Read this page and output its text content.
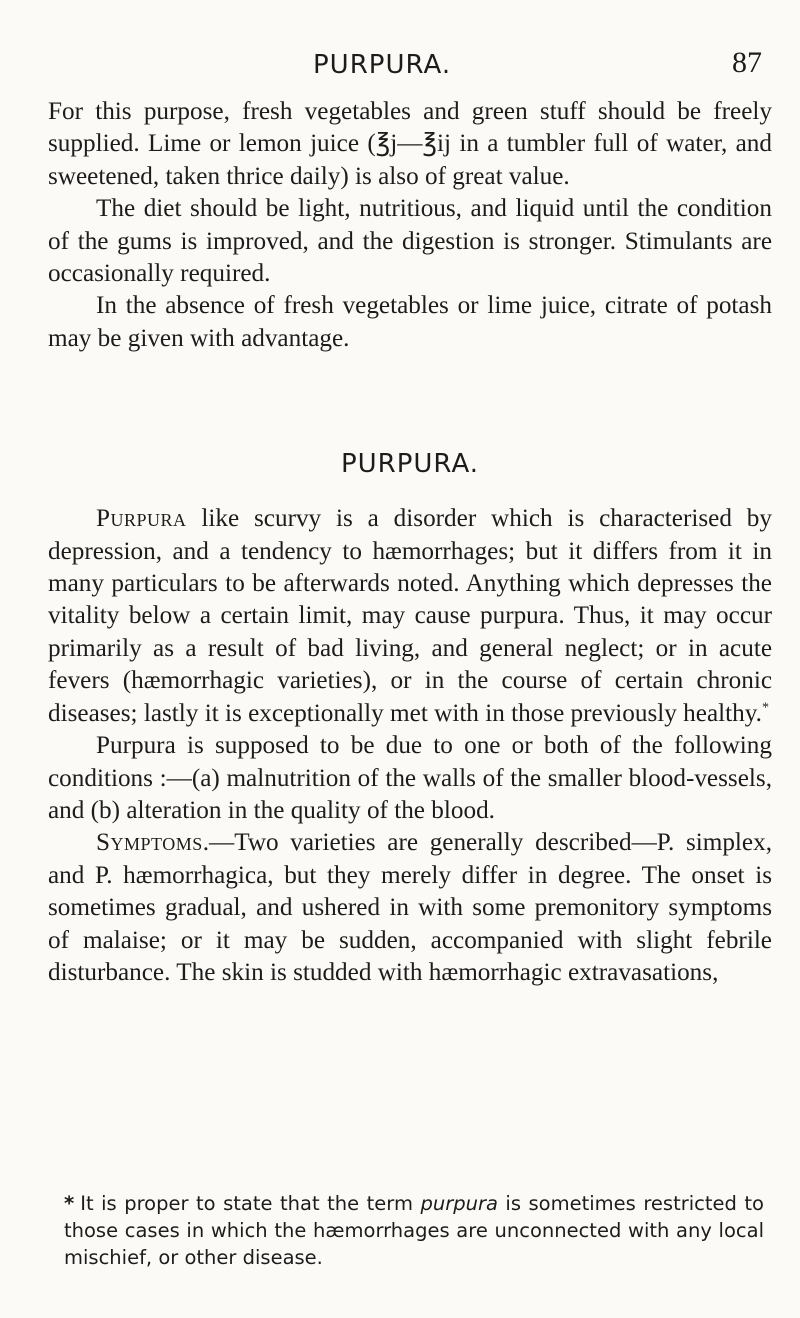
PURPURA.	87

For this purpose, fresh vegetables and green stuff should be freely supplied. Lime or lemon juice (℥j—℥ij in a tumbler full of water, and sweetened, taken thrice daily) is also of great value.

The diet should be light, nutritious, and liquid until the condition of the gums is improved, and the digestion is stronger. Stimulants are occasionally required.

In the absence of fresh vegetables or lime juice, citrate of potash may be given with advantage.

PURPURA.

Purpura like scurvy is a disorder which is characterised by depression, and a tendency to hæmorrhages; but it differs from it in many particulars to be afterwards noted. Anything which depresses the vitality below a certain limit, may cause purpura. Thus, it may occur primarily as a result of bad living, and general neglect; or in acute fevers (hæmorrhagic varieties), or in the course of certain chronic diseases; lastly it is exceptionally met with in those previously healthy.*

Purpura is supposed to be due to one or both of the following conditions :—(a) malnutrition of the walls of the smaller blood-vessels, and (b) alteration in the quality of the blood.

Symptoms.—Two varieties are generally described—P. simplex, and P. hæmorrhagica, but they merely differ in degree. The onset is sometimes gradual, and ushered in with some premonitory symptoms of malaise; or it may be sudden, accompanied with slight febrile disturbance. The skin is studded with hæmorrhagic extravasations,

* It is proper to state that the term purpura is sometimes restricted to those cases in which the hæmorrhages are unconnected with any local mischief, or other disease.
